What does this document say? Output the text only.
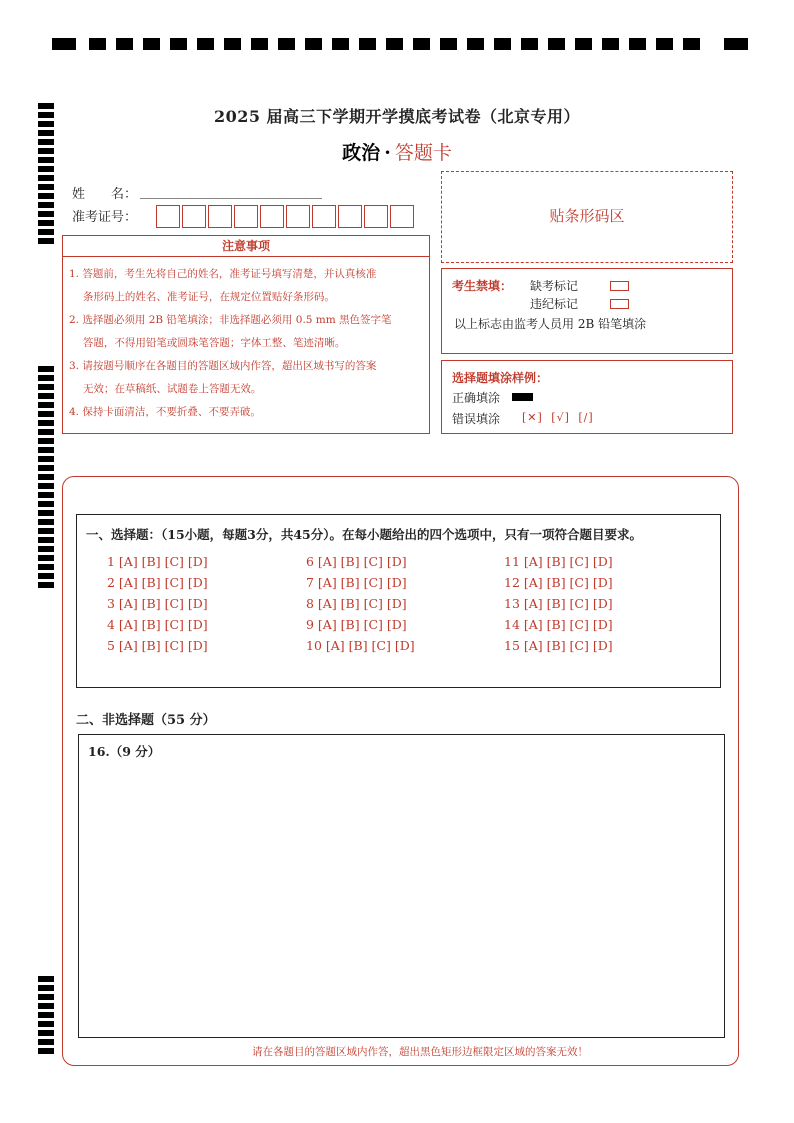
2025 届高三下学期开学摸底考试卷（北京专用）
政治 · 答题卡
姓　　名：
准考证号：
注意事项
1. 答题前，考生先将自己的姓名，准考证号填写清楚，并认真核准
　 条形码上的姓名、准考证号，在规定位置贴好条形码。
2. 选择题必须用 2B 铅笔填涂；非选择题必须用 0.5 mm 黑色签字笔
　 答题，不得用铅笔或圆珠笔答题；字体工整、笔迹清晰。
3. 请按题号顺序在各题目的答题区域内作答，超出区域书写的答案
　 无效；在草稿纸、试题卷上答题无效。
4. 保持卡面清洁，不要折叠、不要弄破。
贴条形码区
考生禁填： 缺考标记
违纪标记
以上标志由监考人员用 2B 铅笔填涂
选择题填涂样例：
正确填涂
错误填涂 [✕] [√] [/]
一、选择题：（15小题，每题3分，共45分）。在每小题给出的四个选项中，只有一项符合题目要求。
1 [A] [B] [C] [D]
2 [A] [B] [C] [D]
3 [A] [B] [C] [D]
4 [A] [B] [C] [D]
5 [A] [B] [C] [D]
6 [A] [B] [C] [D]
7 [A] [B] [C] [D]
8 [A] [B] [C] [D]
9 [A] [B] [C] [D]
10 [A] [B] [C] [D]
11 [A] [B] [C] [D]
12 [A] [B] [C] [D]
13 [A] [B] [C] [D]
14 [A] [B] [C] [D]
15 [A] [B] [C] [D]
二、非选择题（55 分）
16.（9 分）
请在各题目的答题区域内作答，超出黑色矩形边框限定区域的答案无效！
